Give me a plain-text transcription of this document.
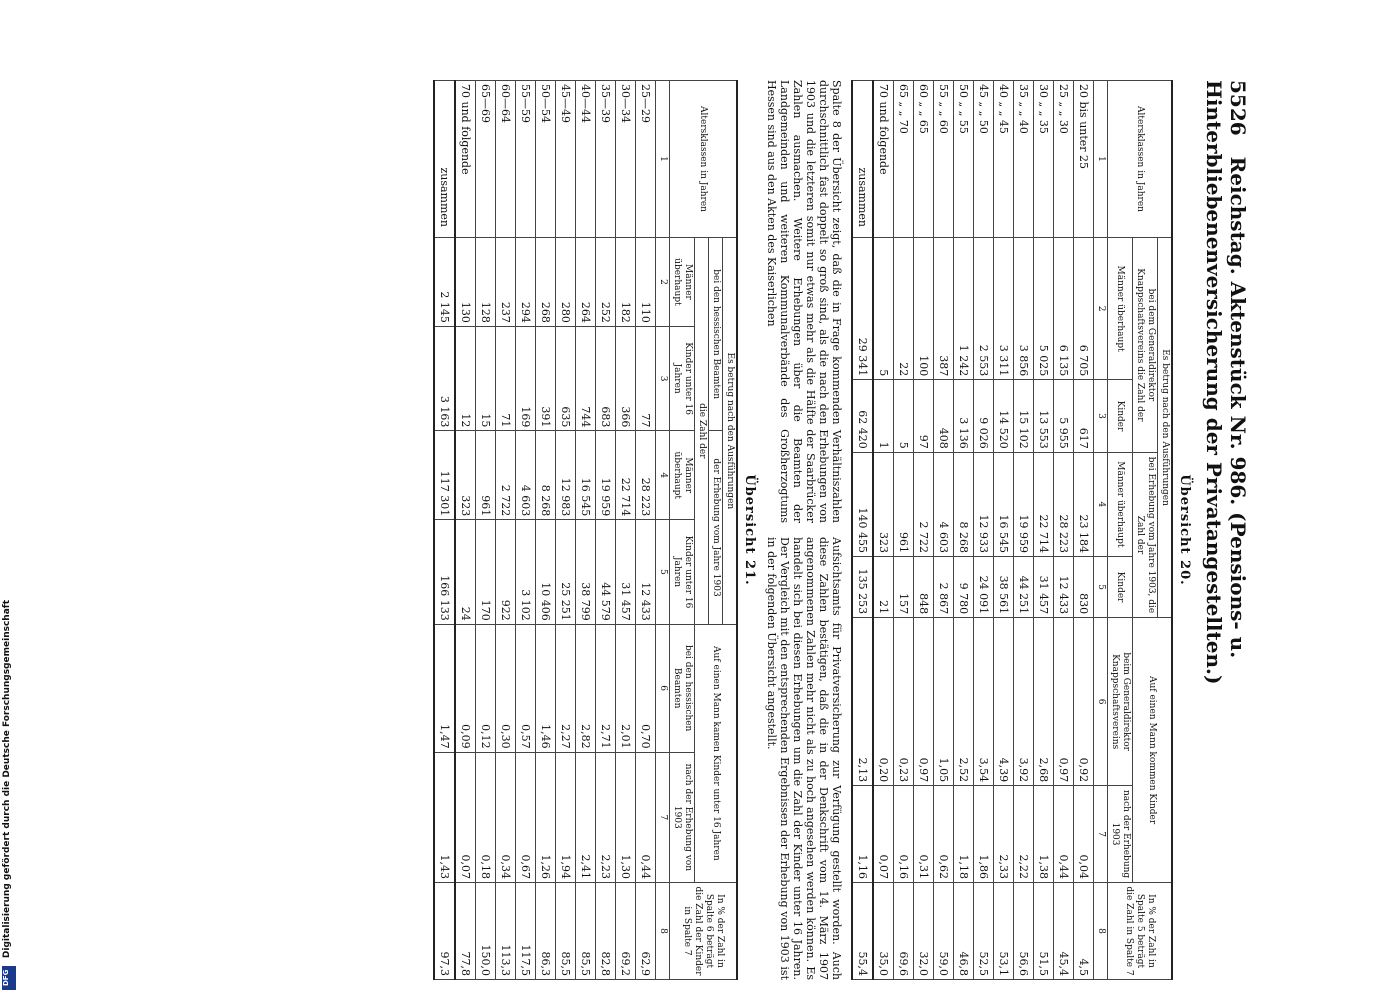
5526 Reichstag. Aktenstück Nr. 986. (Pensions- u. Hinterbliebenenversicherung der Privatangestellten.)
Übersicht 20.
Altersklassen in Jahren	Es betrug nach den Ausführungen				Auf einen Mann kommen Kinder		In % der Zahl in Spalte 5 beträgt die Zahl in Spalte 7
	bei dem Generaldirektor Knappschaftsvereins die Zahl der		bei Erhebung vom Jahre 1903, die Zahl der				
	Männer überhaupt	Kinder	Männer überhaupt	Kinder	beim Generaldirektor Knappschaftsvereins	nach der Erhebung 1903	
1	2	3	4	5	6	7	8
20 bis unter 25	6 705	617	23 184	830	0,92	0,04	4,5
25 „ „ 30	6 135	5 955	28 223	12 433	0,97	0,44	45,4
30 „ „ 35	5 025	13 553	22 714	31 457	2,68	1,38	51,5
35 „ „ 40	3 856	15 102	19 959	44 251	3,92	2,22	56,6
40 „ „ 45	3 311	14 520	16 545	38 561	4,39	2,33	53,1
45 „ „ 50	2 553	9 026	12 933	24 091	3,54	1,86	52,5
50 „ „ 55	1 242	3 136	8 268	9 780	2,52	1,18	46,8
55 „ „ 60	387	408	4 603	2 867	1,05	0,62	59,0
60 „ „ 65	100	97	2 722	848	0,97	0,31	32,0
65 „ „ 70	22	5	961	157	0,23	0,16	69,6
70 und folgende	5	1	323	21	0,20	0,07	35,0
zusammen	29 341	62 420	140 455	135 253	2,13	1,16	55,4

Spalte 8 der Übersicht zeigt, daß die in Frage kommenden Verhältniszahlen durchschnittlich fast doppelt so groß sind, als die nach den Erhebungen von 1903 und die letzteren somit nur etwas mehr als die Hälfte der Saarbrücker Zahlen ausmachen. Weitere Erhebungen über die Beamten der Landgemeinden und weiteren Kommunalverbände des Großherzogtums Hessen sind aus den Akten des Kaiserlichen

Aufsichtsamts für Privatversicherung zur Verfügung gestellt worden. Auch diese Zahlen bestätigen, daß die in der Denkschrift vom 14. März 1907 angenommenen Zahlen mehr nicht als zu hoch angesehen werden können. Es handelt sich bei diesen Erhebungen um die Zahl der Kinder unter 16 Jahren. Der Vergleich mit den entsprechenden Ergebnissen der Erhebung von 1903 ist in der folgenden Übersicht angestellt.

Übersicht 21.
Altersklassen in Jahren	Es betrug nach den Ausführungen				Auf einen Mann kamen Kinder unter 16 Jahren		In % der Zahl in Spalte 6 beträgt die Zahl der Kinder in Spalte 7
	bei den hessischen Beamten		der Erhebung vom Jahre 1903				
	die Zahl der						
	Männer überhaupt	Kinder unter 16 Jahren	Männer überhaupt	Kinder unter 16 Jahren	bei den hessischen Beamten	nach der Erhebung von 1903	
1	2	3	4	5	6	7	8
25—29	110	77	28 223	12 433	0,70	0,44	62,9
30—34	182	366	22 714	31 457	2,01	1,30	69,2
35—39	252	683	19 959	44 579	2,71	2,23	82,8
40—44	264	744	16 545	38 799	2,82	2,41	85,5
45—49	280	635	12 983	25 251	2,27	1,94	85,5
50—54	268	391	8 268	10 406	1,46	1,26	86,3
55—59	294	169	4 603	3 102	0,57	0,67	117,5
60—64	237	71	2 722	922	0,30	0,34	113,3
65—69	128	15	961	170	0,12	0,18	150,0
70 und folgende	130	12	323	24	0,09	0,07	77,8
zusammen	2 145	3 163	117 301	166 133	1,47	1,43	97,3
Digitalisierung gefördert durch die Deutsche Forschungsgemeinschaft
DFG
